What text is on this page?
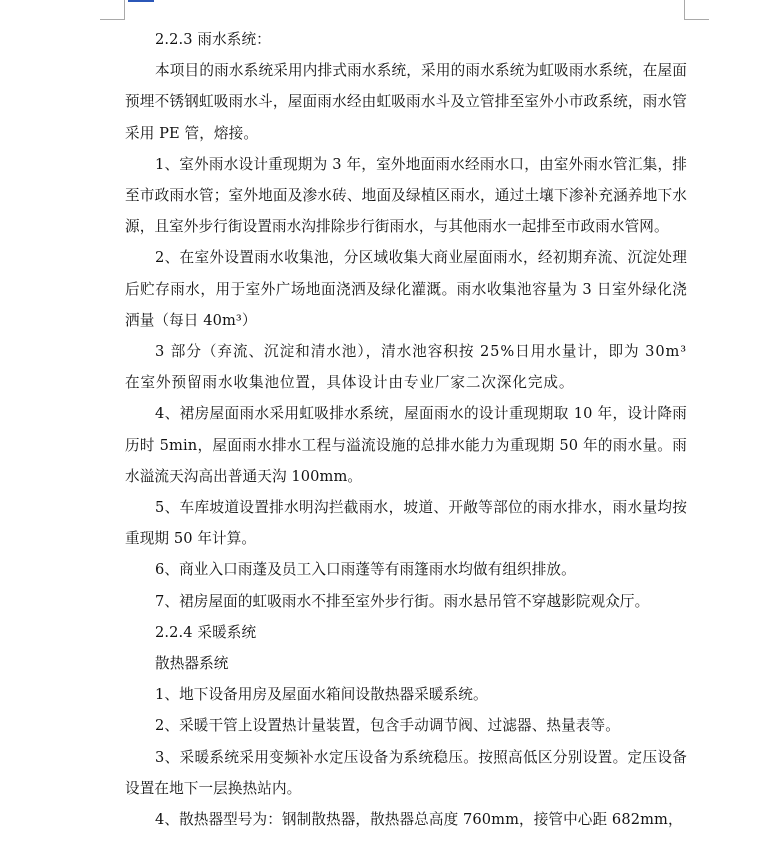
2.2.3 雨水系统：

本项目的雨水系统采用内排式雨水系统，采用的雨水系统为虹吸雨水系统，在屋面预埋不锈钢虹吸雨水斗，屋面雨水经由虹吸雨水斗及立管排至室外小市政系统，雨水管采用 PE 管，熔接。

1、室外雨水设计重现期为 3 年，室外地面雨水经雨水口，由室外雨水管汇集，排至市政雨水管；室外地面及渗水砖、地面及绿植区雨水，通过土壤下渗补充涵养地下水源，且室外步行街设置雨水沟排除步行街雨水，与其他雨水一起排至市政雨水管网。

2、在室外设置雨水收集池，分区域收集大商业屋面雨水，经初期弃流、沉淀处理后贮存雨水，用于室外广场地面浇洒及绿化灌溉。雨水收集池容量为 3 日室外绿化浇洒量（每日 40m³）

3 部分（弃流、沉淀和清水池），清水池容积按 25%日用水量计，即为 30m³在室外预留雨水收集池位置，具体设计由专业厂家二次深化完成。

4、裙房屋面雨水采用虹吸排水系统，屋面雨水的设计重现期取 10 年，设计降雨历时 5min，屋面雨水排水工程与溢流设施的总排水能力为重现期 50 年的雨水量。雨水溢流天沟高出普通天沟 100mm。

5、车库坡道设置排水明沟拦截雨水，坡道、开敞等部位的雨水排水，雨水量均按重现期 50 年计算。

6、商业入口雨蓬及员工入口雨蓬等有雨篷雨水均做有组织排放。

7、裙房屋面的虹吸雨水不排至室外步行街。雨水悬吊管不穿越影院观众厅。

2.2.4 采暖系统

散热器系统

1、地下设备用房及屋面水箱间设散热器采暖系统。

2、采暖干管上设置热计量装置，包含手动调节阀、过滤器、热量表等。

3、采暖系统采用变频补水定压设备为系统稳压。按照高低区分别设置。定压设备设置在地下一层换热站内。

4、散热器型号为：钢制散热器，散热器总高度 760mm，接管中心距 682mm，
